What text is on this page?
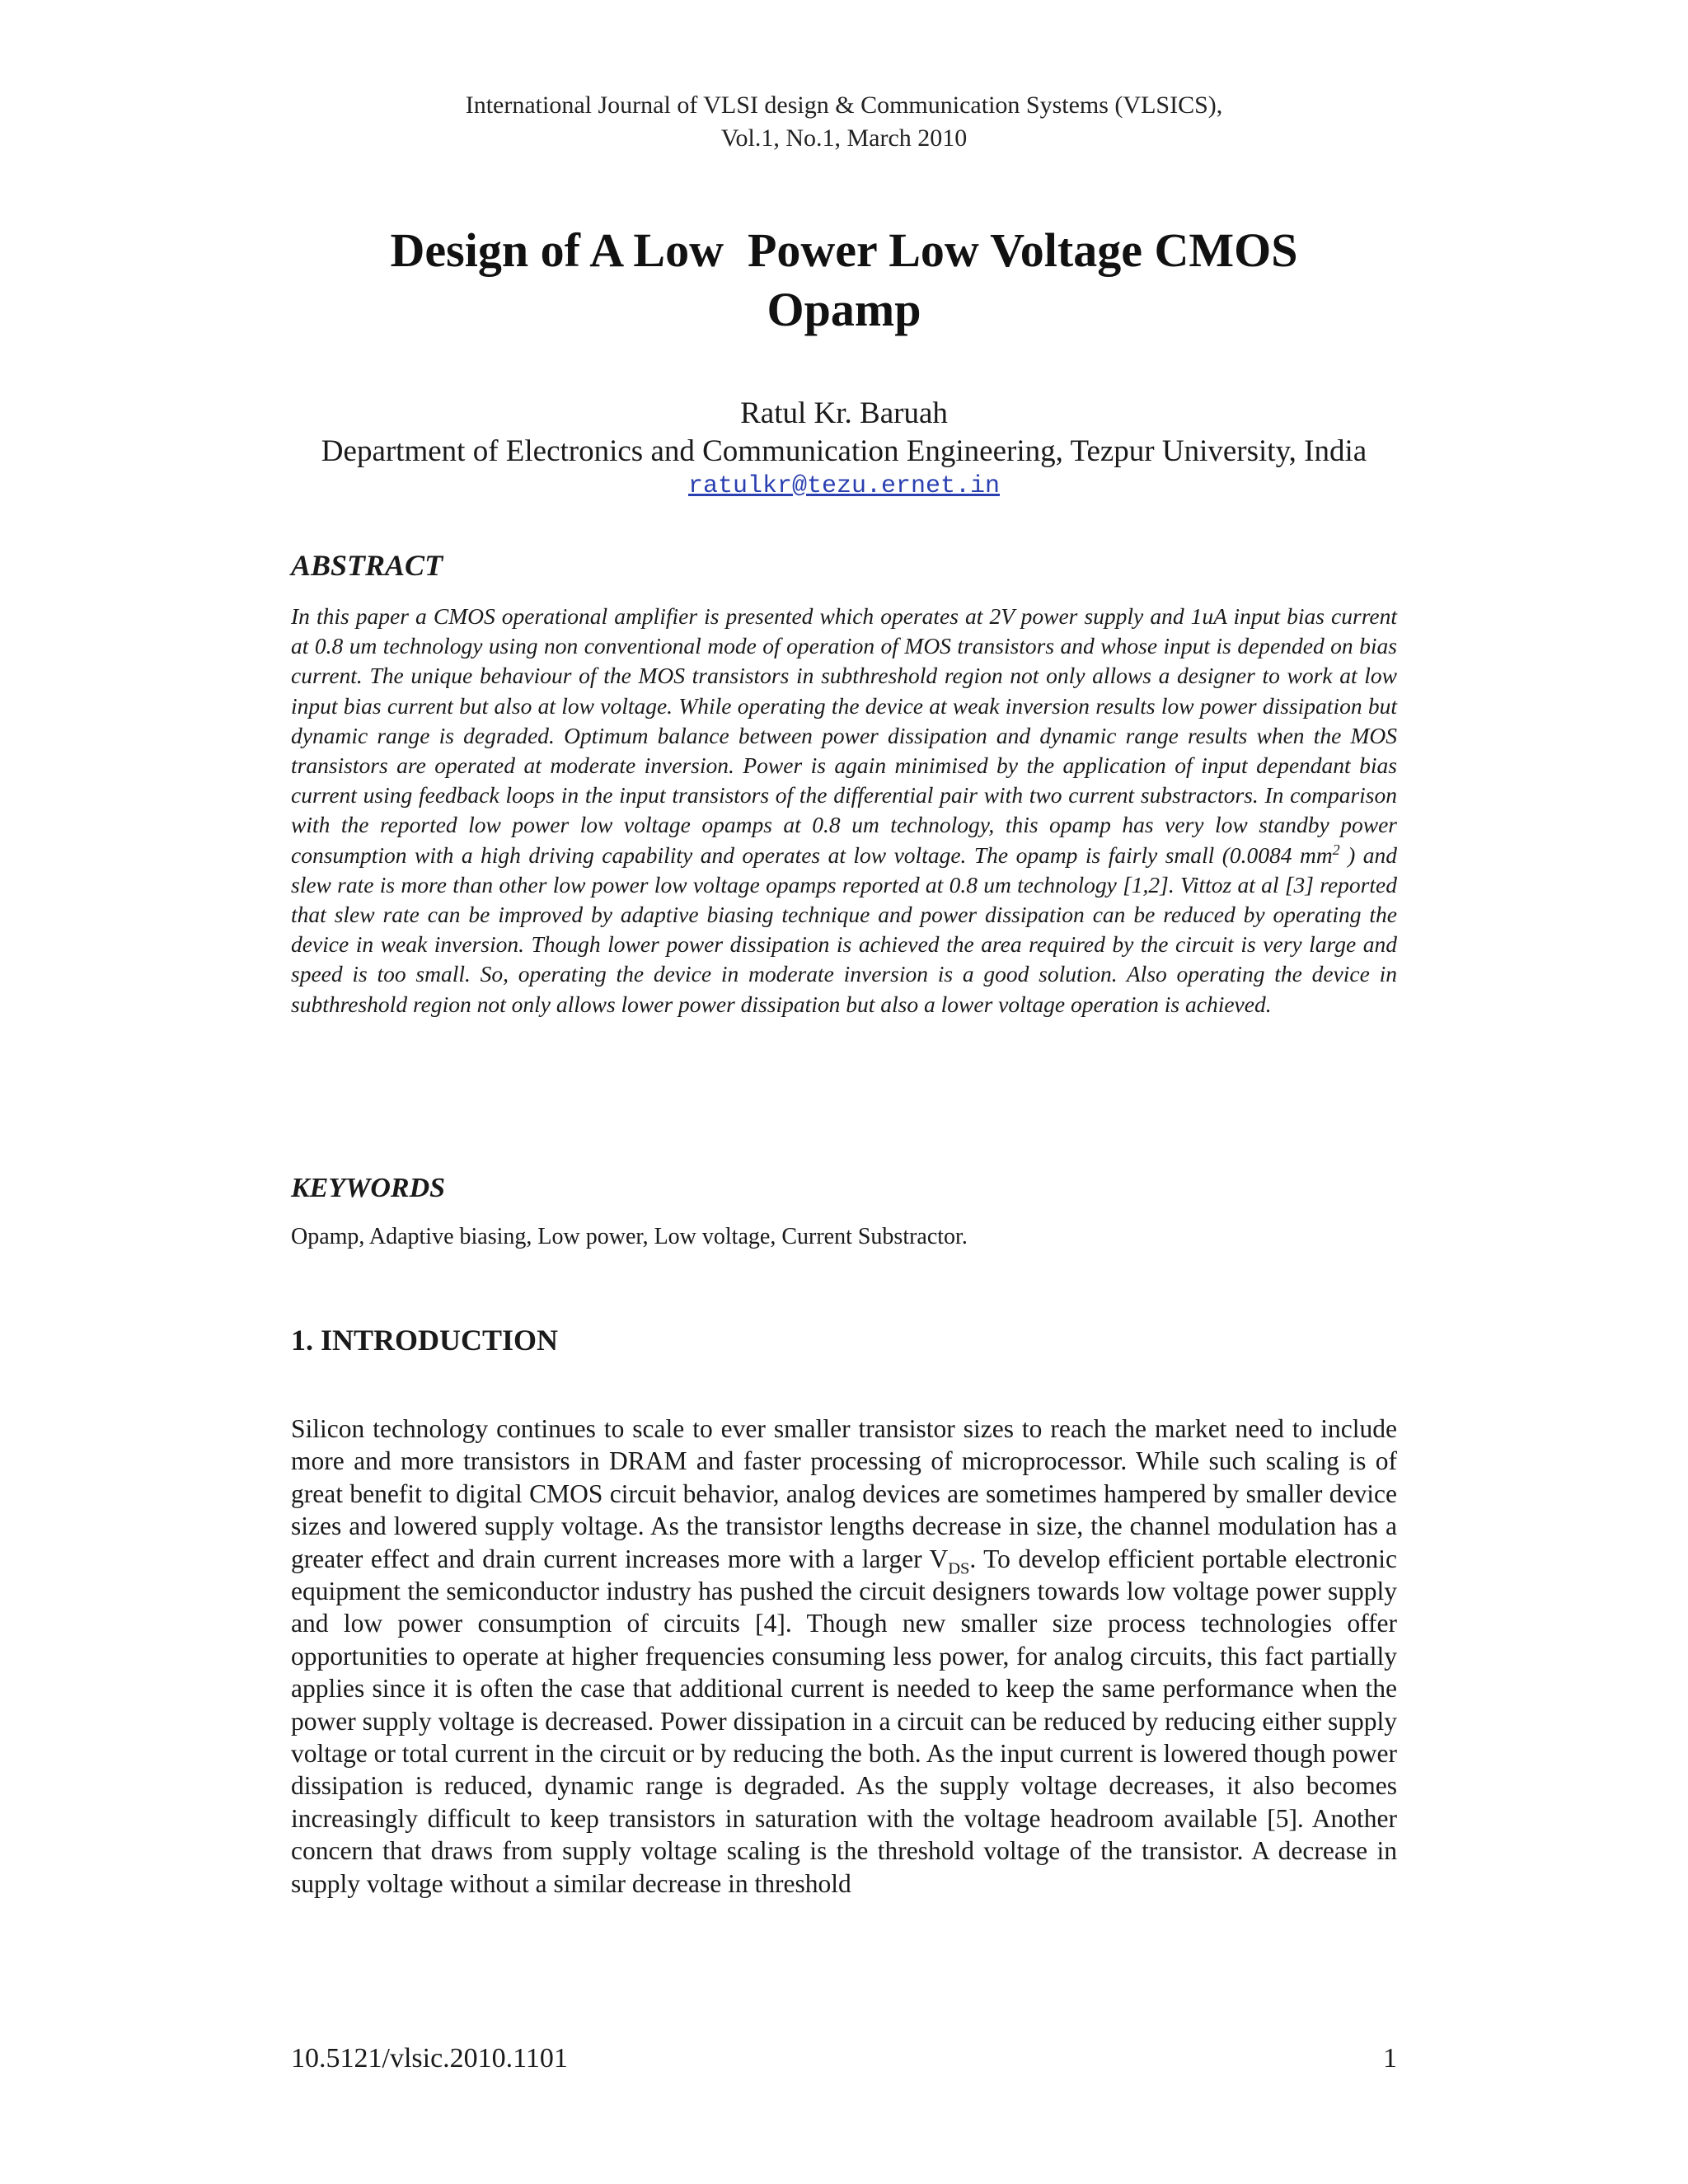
International Journal of VLSI design & Communication Systems (VLSICS),
Vol.1, No.1, March 2010
Design of A Low  Power Low Voltage CMOS
Opamp
Ratul Kr. Baruah
Department of Electronics and Communication Engineering, Tezpur University, India
ratulkr@tezu.ernet.in
ABSTRACT
In this paper a CMOS operational amplifier is presented which operates at 2V power supply and 1uA input bias current at 0.8 um technology using non conventional mode of operation of MOS transistors and whose input is depended on bias current. The unique behaviour of the MOS transistors in subthreshold region not only allows a designer to work at low input bias current but also at low voltage. While operating the device at weak inversion results low power dissipation but dynamic range is degraded. Optimum balance between power dissipation and dynamic range results when the MOS transistors are operated at moderate inversion. Power is again minimised by the application of input dependant bias current using feedback loops in the input transistors of the differential pair with two current substractors. In comparison with the reported low power low voltage opamps at 0.8 um technology, this opamp has very low standby power consumption with a high driving capability and operates at low voltage. The opamp is fairly small (0.0084 $mm^2$ ) and slew rate is more than other low power low voltage opamps reported at 0.8 um technology [1,2]. Vittoz at al [3] reported that slew rate can be improved by adaptive biasing technique and power dissipation can be reduced by operating the device in weak inversion. Though lower power dissipation is achieved the area required by the circuit is very large and speed is too small. So, operating the device in moderate inversion is a good solution. Also operating the device in subthreshold region not only allows lower power dissipation but also a lower voltage operation is achieved.
KEYWORDS
Opamp, Adaptive biasing, Low power, Low voltage, Current Substractor.
1. INTRODUCTION
Silicon technology continues to scale to ever smaller transistor sizes to reach the market need to include more and more transistors in DRAM and faster processing of microprocessor. While such scaling is of great benefit to digital CMOS circuit behavior, analog devices are sometimes hampered by smaller device sizes and lowered supply voltage. As the transistor lengths decrease in size, the channel modulation has a greater effect and drain current increases more with a larger $V_{DS}$. To develop efficient portable electronic equipment the semiconductor industry has pushed the circuit designers towards low voltage power supply and low power consumption of circuits [4]. Though new smaller size process technologies offer opportunities to operate at higher frequencies consuming less power, for analog circuits, this fact partially applies since it is often the case that additional current is needed to keep the same performance when the power supply voltage is decreased. Power dissipation in a circuit can be reduced by reducing either supply voltage or total current in the circuit or by reducing the both. As the input current is lowered though power dissipation is reduced, dynamic range is degraded. As the supply voltage decreases, it also becomes increasingly difficult to keep transistors in saturation with the voltage headroom available [5]. Another concern that draws from supply voltage scaling is the threshold voltage of the transistor. A decrease in supply voltage without a similar decrease in threshold
10.5121/vlsic.2010.1101	1
